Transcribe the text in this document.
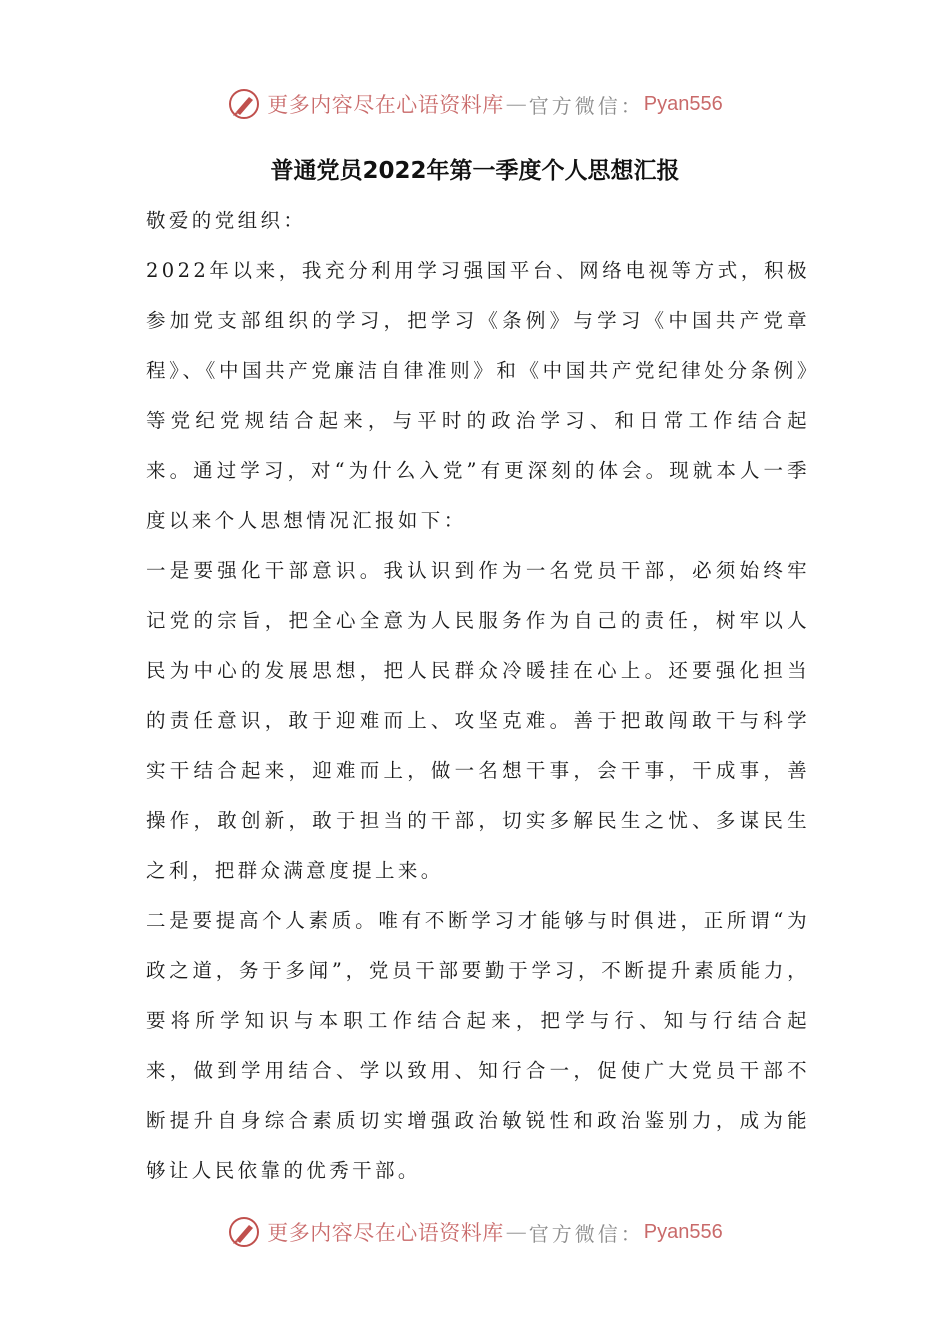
更多内容尽在心语资料库 — 官方微信： Pyan556
普通党员2022年第一季度个人思想汇报

敬爱的党组织：

2022年以来，我充分利用学习强国平台、网络电视等方式，积极参加党支部组织的学习，把学习《条例》与学习《中国共产党章程》、《中国共产党廉洁自律准则》和《中国共产党纪律处分条例》等党纪党规结合起来，与平时的政治学习、和日常工作结合起来。通过学习，对“为什么入党”有更深刻的体会。现就本人一季度以来个人思想情况汇报如下：

一是要强化干部意识。我认识到作为一名党员干部，必须始终牢记党的宗旨，把全心全意为人民服务作为自己的责任，树牢以人民为中心的发展思想，把人民群众冷暖挂在心上。还要强化担当的责任意识，敢于迎难而上、攻坚克难。善于把敢闯敢干与科学实干结合起来，迎难而上，做一名想干事，会干事，干成事，善操作，敢创新，敢于担当的干部，切实多解民生之忧、多谋民生之利，把群众满意度提上来。

二是要提高个人素质。唯有不断学习才能够与时俱进，正所谓“为政之道，务于多闻”，党员干部要勤于学习，不断提升素质能力，要将所学知识与本职工作结合起来，把学与行、知与行结合起来，做到学用结合、学以致用、知行合一，促使广大党员干部不断提升自身综合素质切实增强政治敏锐性和政治鉴别力，成为能够让人民依靠的优秀干部。

更多内容尽在心语资料库 — 官方微信： Pyan556
